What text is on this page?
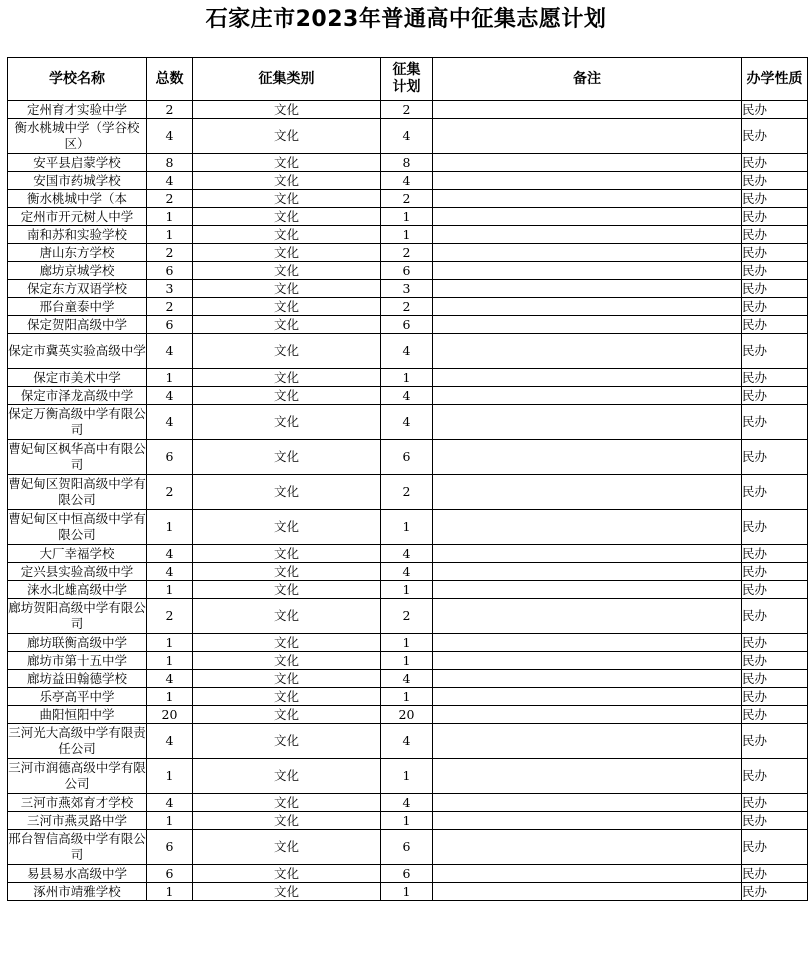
石家庄市2023年普通高中征集志愿计划
学校名称	总数	征集类别	征集计划	备注	办学性质
定州育才实验中学	2	文化	2		民办
衡水桃城中学（学谷校区）	4	文化	4		民办
安平县启蒙学校	8	文化	8		民办
安国市药城学校	4	文化	4		民办
衡水桃城中学（本	2	文化	2		民办
定州市开元树人中学	1	文化	1		民办
南和苏和实验学校	1	文化	1		民办
唐山东方学校	2	文化	2		民办
廊坊京城学校	6	文化	6		民办
保定东方双语学校	3	文化	3		民办
邢台童泰中学	2	文化	2		民办
保定贺阳高级中学	6	文化	6		民办
保定市冀英实验高级中学	4	文化	4		民办
保定市美术中学	1	文化	1		民办
保定市泽龙高级中学	4	文化	4		民办
保定万衡高级中学有限公司	4	文化	4		民办
曹妃甸区枫华高中有限公司	6	文化	6		民办
曹妃甸区贺阳高级中学有限公司	2	文化	2		民办
曹妃甸区中恒高级中学有限公司	1	文化	1		民办
大厂幸福学校	4	文化	4		民办
定兴县实验高级中学	4	文化	4		民办
涞水北雄高级中学	1	文化	1		民办
廊坊贺阳高级中学有限公司	2	文化	2		民办
廊坊联衡高级中学	1	文化	1		民办
廊坊市第十五中学	1	文化	1		民办
廊坊益田翰德学校	4	文化	4		民办
乐亭高平中学	1	文化	1		民办
曲阳恒阳中学	20	文化	20		民办
三河光大高级中学有限责任公司	4	文化	4		民办
三河市润德高级中学有限公司	1	文化	1		民办
三河市燕郊育才学校	4	文化	4		民办
三河市燕灵路中学	1	文化	1		民办
邢台智信高级中学有限公司	6	文化	6		民办
易县易水高级中学	6	文化	6		民办
涿州市靖雅学校	1	文化	1		民办
